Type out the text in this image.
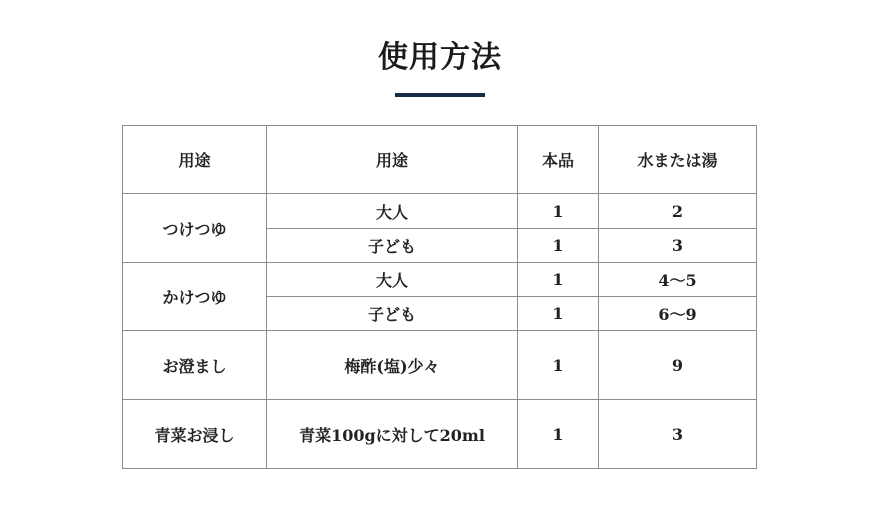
使用方法
用途	用途	本品	水または湯
つけつゆ	大人	1	2
	子ども	1	3
かけつゆ	大人	1	4～5
	子ども	1	6～9
お澄まし	梅酢(塩)少々	1	9
青菜お浸し	青菜100gに対して20ml	1	3
